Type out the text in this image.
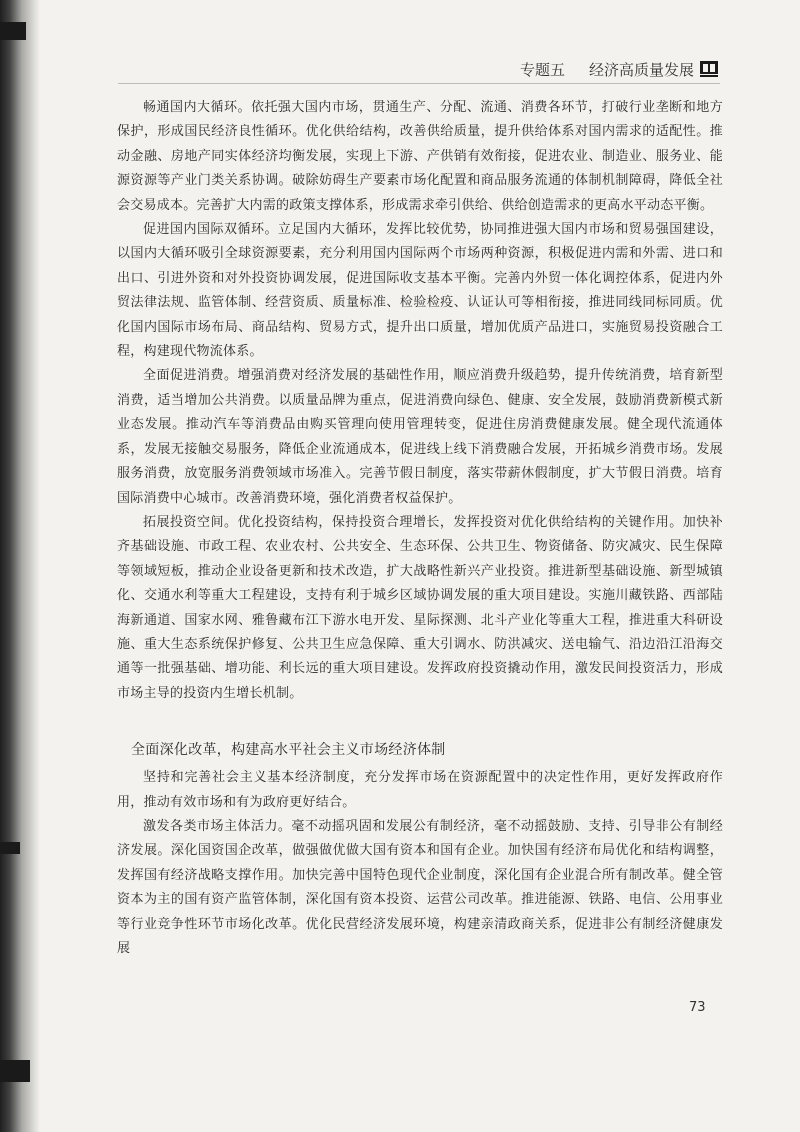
专题五 经济高质量发展

畅通国内大循环。依托强大国内市场，贯通生产、分配、流通、消费各环节，打破行业垄断和地方保护，形成国民经济良性循环。优化供给结构，改善供给质量，提升供给体系对国内需求的适配性。推动金融、房地产同实体经济均衡发展，实现上下游、产供销有效衔接，促进农业、制造业、服务业、能源资源等产业门类关系协调。破除妨碍生产要素市场化配置和商品服务流通的体制机制障碍，降低全社会交易成本。完善扩大内需的政策支撑体系，形成需求牵引供给、供给创造需求的更高水平动态平衡。

促进国内国际双循环。立足国内大循环，发挥比较优势，协同推进强大国内市场和贸易强国建设，以国内大循环吸引全球资源要素，充分利用国内国际两个市场两种资源，积极促进内需和外需、进口和出口、引进外资和对外投资协调发展，促进国际收支基本平衡。完善内外贸一体化调控体系，促进内外贸法律法规、监管体制、经营资质、质量标准、检验检疫、认证认可等相衔接，推进同线同标同质。优化国内国际市场布局、商品结构、贸易方式，提升出口质量，增加优质产品进口，实施贸易投资融合工程，构建现代物流体系。

全面促进消费。增强消费对经济发展的基础性作用，顺应消费升级趋势，提升传统消费，培育新型消费，适当增加公共消费。以质量品牌为重点，促进消费向绿色、健康、安全发展，鼓励消费新模式新业态发展。推动汽车等消费品由购买管理向使用管理转变，促进住房消费健康发展。健全现代流通体系，发展无接触交易服务，降低企业流通成本，促进线上线下消费融合发展，开拓城乡消费市场。发展服务消费，放宽服务消费领域市场准入。完善节假日制度，落实带薪休假制度，扩大节假日消费。培育国际消费中心城市。改善消费环境，强化消费者权益保护。

拓展投资空间。优化投资结构，保持投资合理增长，发挥投资对优化供给结构的关键作用。加快补齐基础设施、市政工程、农业农村、公共安全、生态环保、公共卫生、物资储备、防灾减灾、民生保障等领域短板，推动企业设备更新和技术改造，扩大战略性新兴产业投资。推进新型基础设施、新型城镇化、交通水利等重大工程建设，支持有利于城乡区域协调发展的重大项目建设。实施川藏铁路、西部陆海新通道、国家水网、雅鲁藏布江下游水电开发、星际探测、北斗产业化等重大工程，推进重大科研设施、重大生态系统保护修复、公共卫生应急保障、重大引调水、防洪减灾、送电输气、沿边沿江沿海交通等一批强基础、增功能、利长远的重大项目建设。发挥政府投资撬动作用，激发民间投资活力，形成市场主导的投资内生增长机制。

全面深化改革，构建高水平社会主义市场经济体制

坚持和完善社会主义基本经济制度，充分发挥市场在资源配置中的决定性作用，更好发挥政府作用，推动有效市场和有为政府更好结合。

激发各类市场主体活力。毫不动摇巩固和发展公有制经济，毫不动摇鼓励、支持、引导非公有制经济发展。深化国资国企改革，做强做优做大国有资本和国有企业。加快国有经济布局优化和结构调整，发挥国有经济战略支撑作用。加快完善中国特色现代企业制度，深化国有企业混合所有制改革。健全管资本为主的国有资产监管体制，深化国有资本投资、运营公司改革。推进能源、铁路、电信、公用事业等行业竞争性环节市场化改革。优化民营经济发展环境，构建亲清政商关系，促进非公有制经济健康发展

73
